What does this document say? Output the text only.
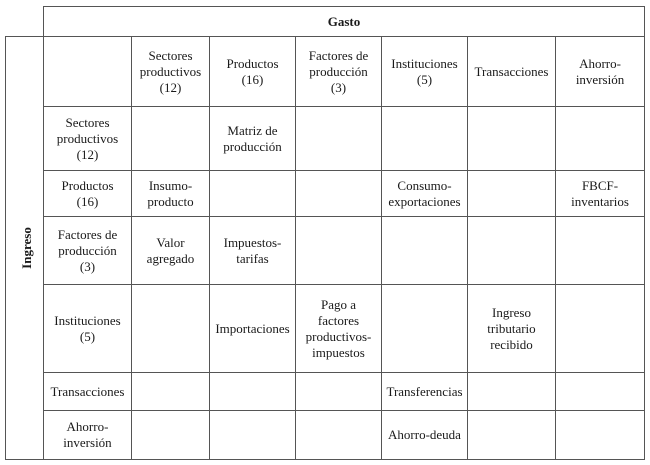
	Gasto						
Ingreso		Sectores
productivos
(12)	Productos
(16)	Factores de
producción
(3)	Instituciones
(5)	Transacciones	Ahorro-
inversión

	Sectores
productivos
(12)		Matriz de
producción				

	Productos
(16)	Insumo-
producto			Consumo-
exportaciones		FBCF-
inventarios

	Factores de
producción
(3)	Valor
agregado	Impuestos-
tarifas				

	Instituciones
(5)		Importaciones	Pago a
factores
productivos-
impuestos		Ingreso
tributario
recibido	

	Transacciones				Transferencias		

	Ahorro-
inversión				Ahorro-deuda		
